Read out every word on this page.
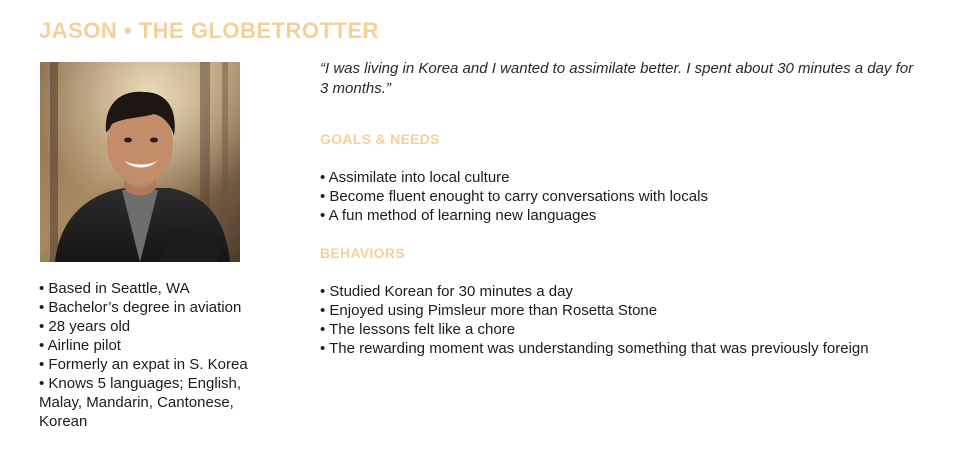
JASON • THE GLOBETROTTER
• Based in Seattle, WA
• Bachelor’s degree in aviation
• 28 years old
• Airline pilot
• Formerly an expat in S. Korea
• Knows 5 languages; English, Malay, Mandarin, Cantonese, Korean
“I was living in Korea and I wanted to assimilate better. I spent about 30 minutes a day for 3 months.”
GOALS & NEEDS
• Assimilate into local culture
• Become fluent enought to carry conversations with locals
• A fun method of learning new languages
BEHAVIORS
• Studied Korean for 30 minutes a day
• Enjoyed using Pimsleur more than Rosetta Stone
• The lessons felt like a chore
• The rewarding moment was understanding something that was previously foreign
